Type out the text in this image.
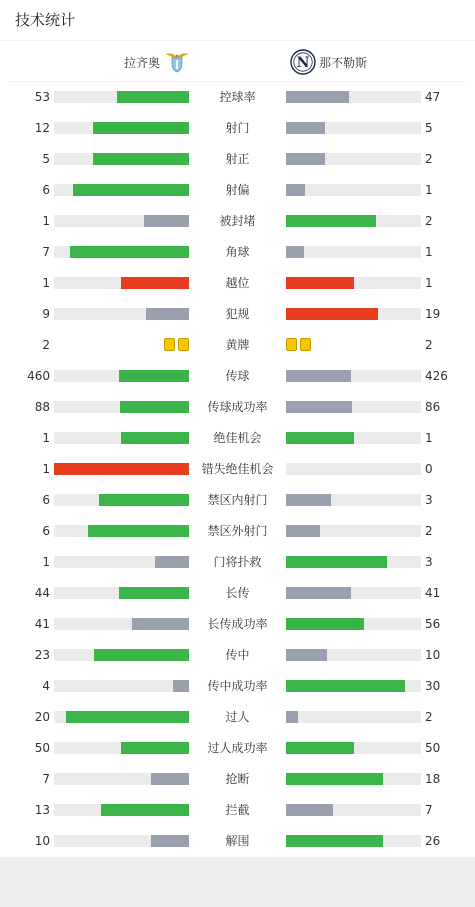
技术统计
拉齐奥	N 那不勒斯
53	控球率	47
12	射门	5
5	射正	2
6	射偏	1
1	被封堵	2
7	角球	1
1	越位	1
9	犯规	19
2	黄牌	2
460	传球	426
88	传球成功率	86
1	绝佳机会	1
1	错失绝佳机会	0
6	禁区内射门	3
6	禁区外射门	2
1	门将扑救	3
44	长传	41
41	长传成功率	56
23	传中	10
4	传中成功率	30
20	过人	2
50	过人成功率	50
7	抢断	18
13	拦截	7
10	解围	26
